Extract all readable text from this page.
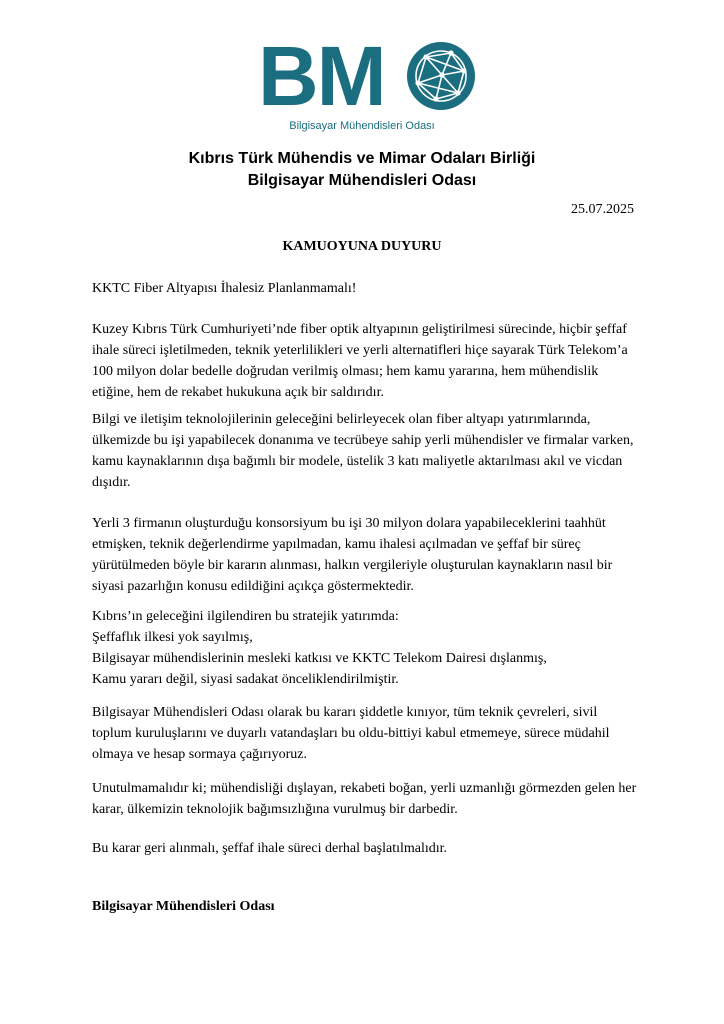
BM
Bilgisayar Mühendisleri Odası
Kıbrıs Türk Mühendis ve Mimar Odaları Birliği
Bilgisayar Mühendisleri Odası
25.07.2025
KAMUOYUNA DUYURU

KKTC Fiber Altyapısı İhalesiz Planlanmamalı!

Kuzey Kıbrıs Türk Cumhuriyeti’nde fiber optik altyapının geliştirilmesi sürecinde, hiçbir şeffaf ihale süreci işletilmeden, teknik yeterlilikleri ve yerli alternatifleri hiçe sayarak Türk Telekom’a 100 milyon dolar bedelle doğrudan verilmiş olması; hem kamu yararına, hem mühendislik etiğine, hem de rekabet hukukuna açık bir saldırıdır.

Bilgi ve iletişim teknolojilerinin geleceğini belirleyecek olan fiber altyapı yatırımlarında, ülkemizde bu işi yapabilecek donanıma ve tecrübeye sahip yerli mühendisler ve firmalar varken, kamu kaynaklarının dışa bağımlı bir modele, üstelik 3 katı maliyetle aktarılması akıl ve vicdan dışıdır.

Yerli 3 firmanın oluşturduğu konsorsiyum bu işi 30 milyon dolara yapabileceklerini taahhüt etmişken, teknik değerlendirme yapılmadan, kamu ihalesi açılmadan ve şeffaf bir süreç yürütülmeden böyle bir kararın alınması, halkın vergileriyle oluşturulan kaynakların nasıl bir siyasi pazarlığın konusu edildiğini açıkça göstermektedir.

Kıbrıs’ın geleceğini ilgilendiren bu stratejik yatırımda:
Şeffaflık ilkesi yok sayılmış,
Bilgisayar mühendislerinin mesleki katkısı ve KKTC Telekom Dairesi dışlanmış,
Kamu yararı değil, siyasi sadakat önceliklendirilmiştir.

Bilgisayar Mühendisleri Odası olarak bu kararı şiddetle kınıyor, tüm teknik çevreleri, sivil toplum kuruluşlarını ve duyarlı vatandaşları bu oldu-bittiyi kabul etmemeye, sürece müdahil olmaya ve hesap sormaya çağırıyoruz.

Unutulmamalıdır ki; mühendisliği dışlayan, rekabeti boğan, yerli uzmanlığı görmezden gelen her karar, ülkemizin teknolojik bağımsızlığına vurulmuş bir darbedir.

Bu karar geri alınmalı, şeffaf ihale süreci derhal başlatılmalıdır.

Bilgisayar Mühendisleri Odası
